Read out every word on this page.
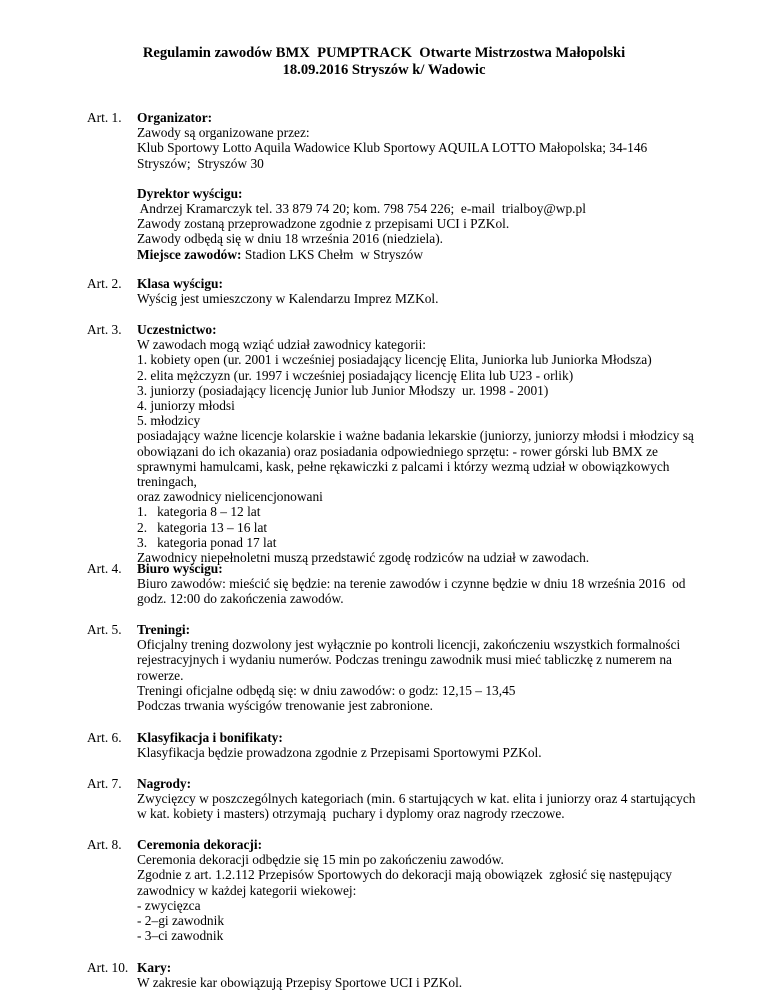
Regulamin zawodów BMX  PUMPTRACK  Otwarte Mistrzostwa Małopolski
18.09.2016 Stryszów k/ Wadowic
Art. 1. Organizator:
Zawody są organizowane przez:
Klub Sportowy Lotto Aquila Wadowice Klub Sportowy AQUILA LOTTO Małopolska; 34-146
Stryszów;  Stryszów 30
Dyrektor wyścigu:
Andrzej Kramarczyk tel. 33 879 74 20; kom. 798 754 226;  e-mail  trialboy@wp.pl
Zawody zostaną przeprowadzone zgodnie z przepisami UCI i PZKol.
Zawody odbędą się w dniu 18 września 2016 (niedziela).
Miejsce zawodów: Stadion LKS Chełm  w Stryszów
Art. 2. Klasa wyścigu:
Wyścig jest umieszczony w Kalendarzu Imprez MZKol.
Art. 3. Uczestnictwo:
W zawodach mogą wziąć udział zawodnicy kategorii:
1. kobiety open (ur. 2001 i wcześniej posiadający licencję Elita, Juniorka lub Juniorka Młodsza)
2. elita mężczyzn (ur. 1997 i wcześniej posiadający licencję Elita lub U23 - orlik)
3. juniorzy (posiadający licencję Junior lub Junior Młodszy  ur. 1998 - 2001)
4. juniorzy młodsi
5. młodzicy
posiadający ważne licencje kolarskie i ważne badania lekarskie (juniorzy, juniorzy młodsi i młodzicy są
obowiązani do ich okazania) oraz posiadania odpowiedniego sprzętu: - rower górski lub BMX ze
sprawnymi hamulcami, kask, pełne rękawiczki z palcami i którzy wezmą udział w obowiązkowych
treningach,
oraz zawodnicy nielicencjonowani
1.   kategoria 8 – 12 lat
2.   kategoria 13 – 16 lat
3.   kategoria ponad 17 lat
Zawodnicy niepełnoletni muszą przedstawić zgodę rodziców na udział w zawodach.
Art. 4. Biuro wyścigu:
Biuro zawodów: mieścić się będzie: na terenie zawodów i czynne będzie w dniu 18 września 2016  od
godz. 12:00 do zakończenia zawodów.
Art. 5. Treningi:
Oficjalny trening dozwolony jest wyłącznie po kontroli licencji, zakończeniu wszystkich formalności
rejestracyjnych i wydaniu numerów. Podczas treningu zawodnik musi mieć tabliczkę z numerem na
rowerze.
Treningi oficjalne odbędą się: w dniu zawodów: o godz: 12,15 – 13,45
Podczas trwania wyścigów trenowanie jest zabronione.
Art. 6. Klasyfikacja i bonifikaty:
Klasyfikacja będzie prowadzona zgodnie z Przepisami Sportowymi PZKol.
Art. 7. Nagrody:
Zwycięzcy w poszczególnych kategoriach (min. 6 startujących w kat. elita i juniorzy oraz 4 startujących
w kat. kobiety i masters) otrzymają  puchary i dyplomy oraz nagrody rzeczowe.
Art. 8. Ceremonia dekoracji:
Ceremonia dekoracji odbędzie się 15 min po zakończeniu zawodów.
Zgodnie z art. 1.2.112 Przepisów Sportowych do dekoracji mają obowiązek  zgłosić się następujący
zawodnicy w każdej kategorii wiekowej:
- zwycięzca
- 2–gi zawodnik
- 3–ci zawodnik
Art. 10. Kary:
W zakresie kar obowiązują Przepisy Sportowe UCI i PZKol.
